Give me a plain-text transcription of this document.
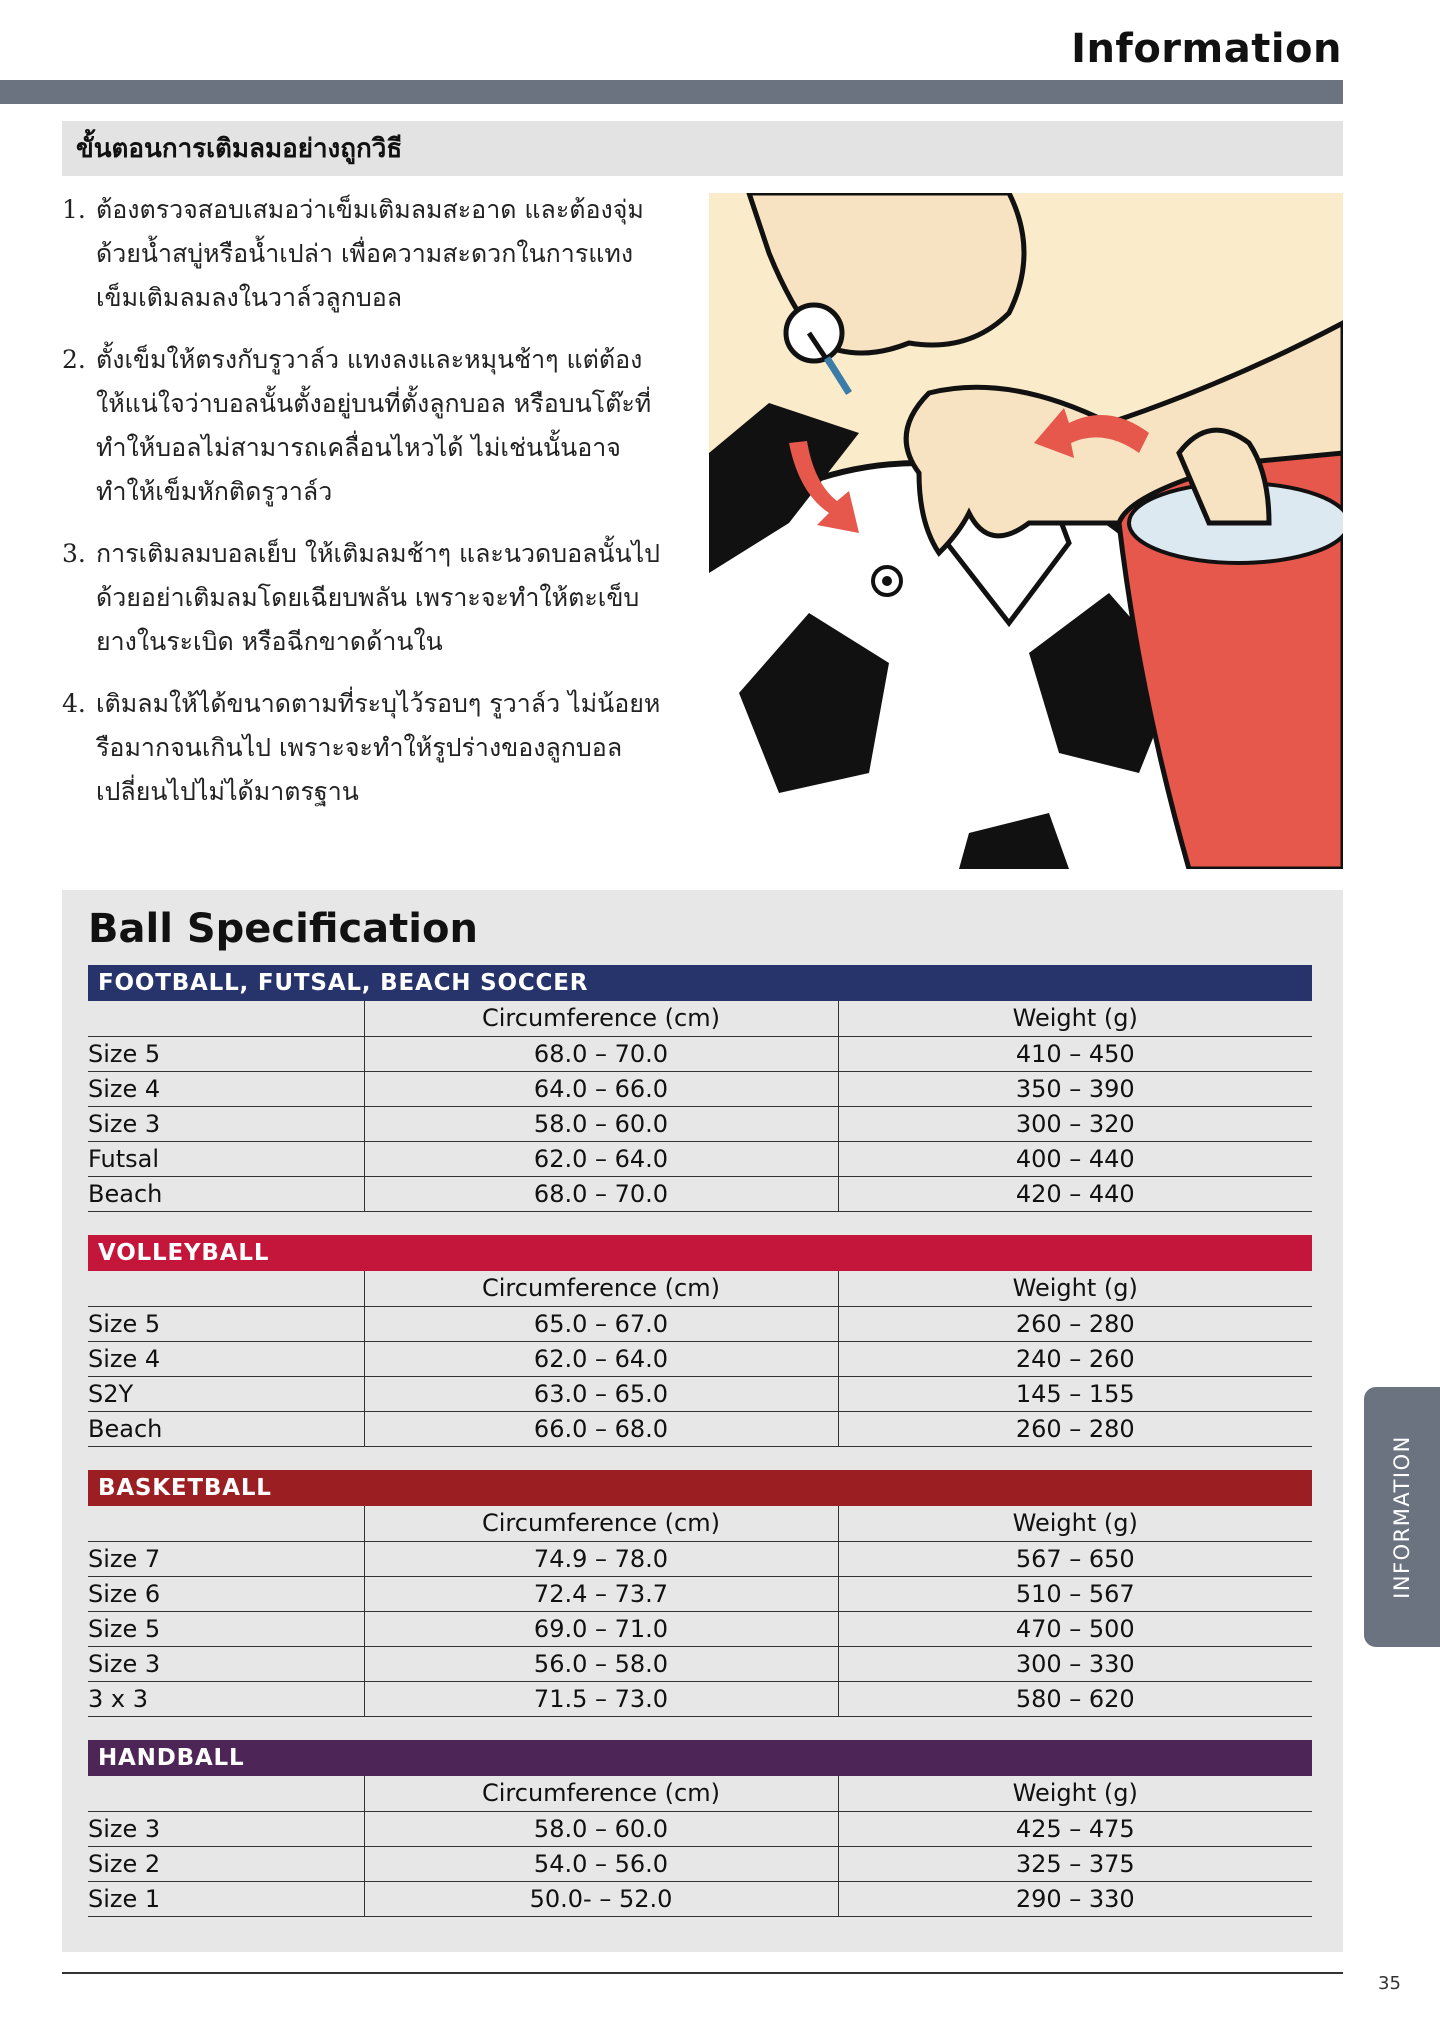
Information
ขั้นตอนการเติมลมอย่างถูกวิธี
1. ต้องตรวจสอบเสมอว่าเข็มเติมลมสะอาด และต้องจุ่มด้วยน้ำสบู่หรือน้ำเปล่า เพื่อความสะดวกในการแทงเข็มเติมลมลงในวาล์วลูกบอล
2. ตั้งเข็มให้ตรงกับรูวาล์ว แทงลงและหมุนช้าๆ แต่ต้องให้แน่ใจว่าบอลนั้นตั้งอยู่บนที่ตั้งลูกบอล หรือบนโต๊ะที่ทำให้บอลไม่สามารถเคลื่อนไหวได้ ไม่เช่นนั้นอาจทำให้เข็มหักติดรูวาล์ว
3. การเติมลมบอลเย็บ ให้เติมลมช้าๆ และนวดบอลนั้นไปด้วยอย่าเติมลมโดยเฉียบพลัน เพราะจะทำให้ตะเข็บยางในระเบิด หรือฉีกขาดด้านใน
4. เติมลมให้ได้ขนาดตามที่ระบุไว้รอบๆ รูวาล์ว ไม่น้อยหรือมากจนเกินไป เพราะจะทำให้รูปร่างของลูกบอลเปลี่ยนไปไม่ได้มาตรฐาน
Ball Specification
FOOTBALL, FUTSAL, BEACH SOCCER
	Circumference (cm)	Weight (g)
Size 5	68.0 – 70.0	410 – 450
Size 4	64.0 – 66.0	350 – 390
Size 3	58.0 – 60.0	300 – 320
Futsal	62.0 – 64.0	400 – 440
Beach	68.0 – 70.0	420 – 440
VOLLEYBALL
	Circumference (cm)	Weight (g)
Size 5	65.0 – 67.0	260 – 280
Size 4	62.0 – 64.0	240 – 260
S2Y	63.0 – 65.0	145 – 155
Beach	66.0 – 68.0	260 – 280
BASKETBALL
	Circumference (cm)	Weight (g)
Size 7	74.9 – 78.0	567 – 650
Size 6	72.4 – 73.7	510 – 567
Size 5	69.0 – 71.0	470 – 500
Size 3	56.0 – 58.0	300 – 330
3 x 3	71.5 – 73.0	580 – 620
HANDBALL
	Circumference (cm)	Weight (g)
Size 3	58.0 – 60.0	425 – 475
Size 2	54.0 – 56.0	325 – 375
Size 1	50.0- – 52.0	290 – 330
INFORMATION
35
